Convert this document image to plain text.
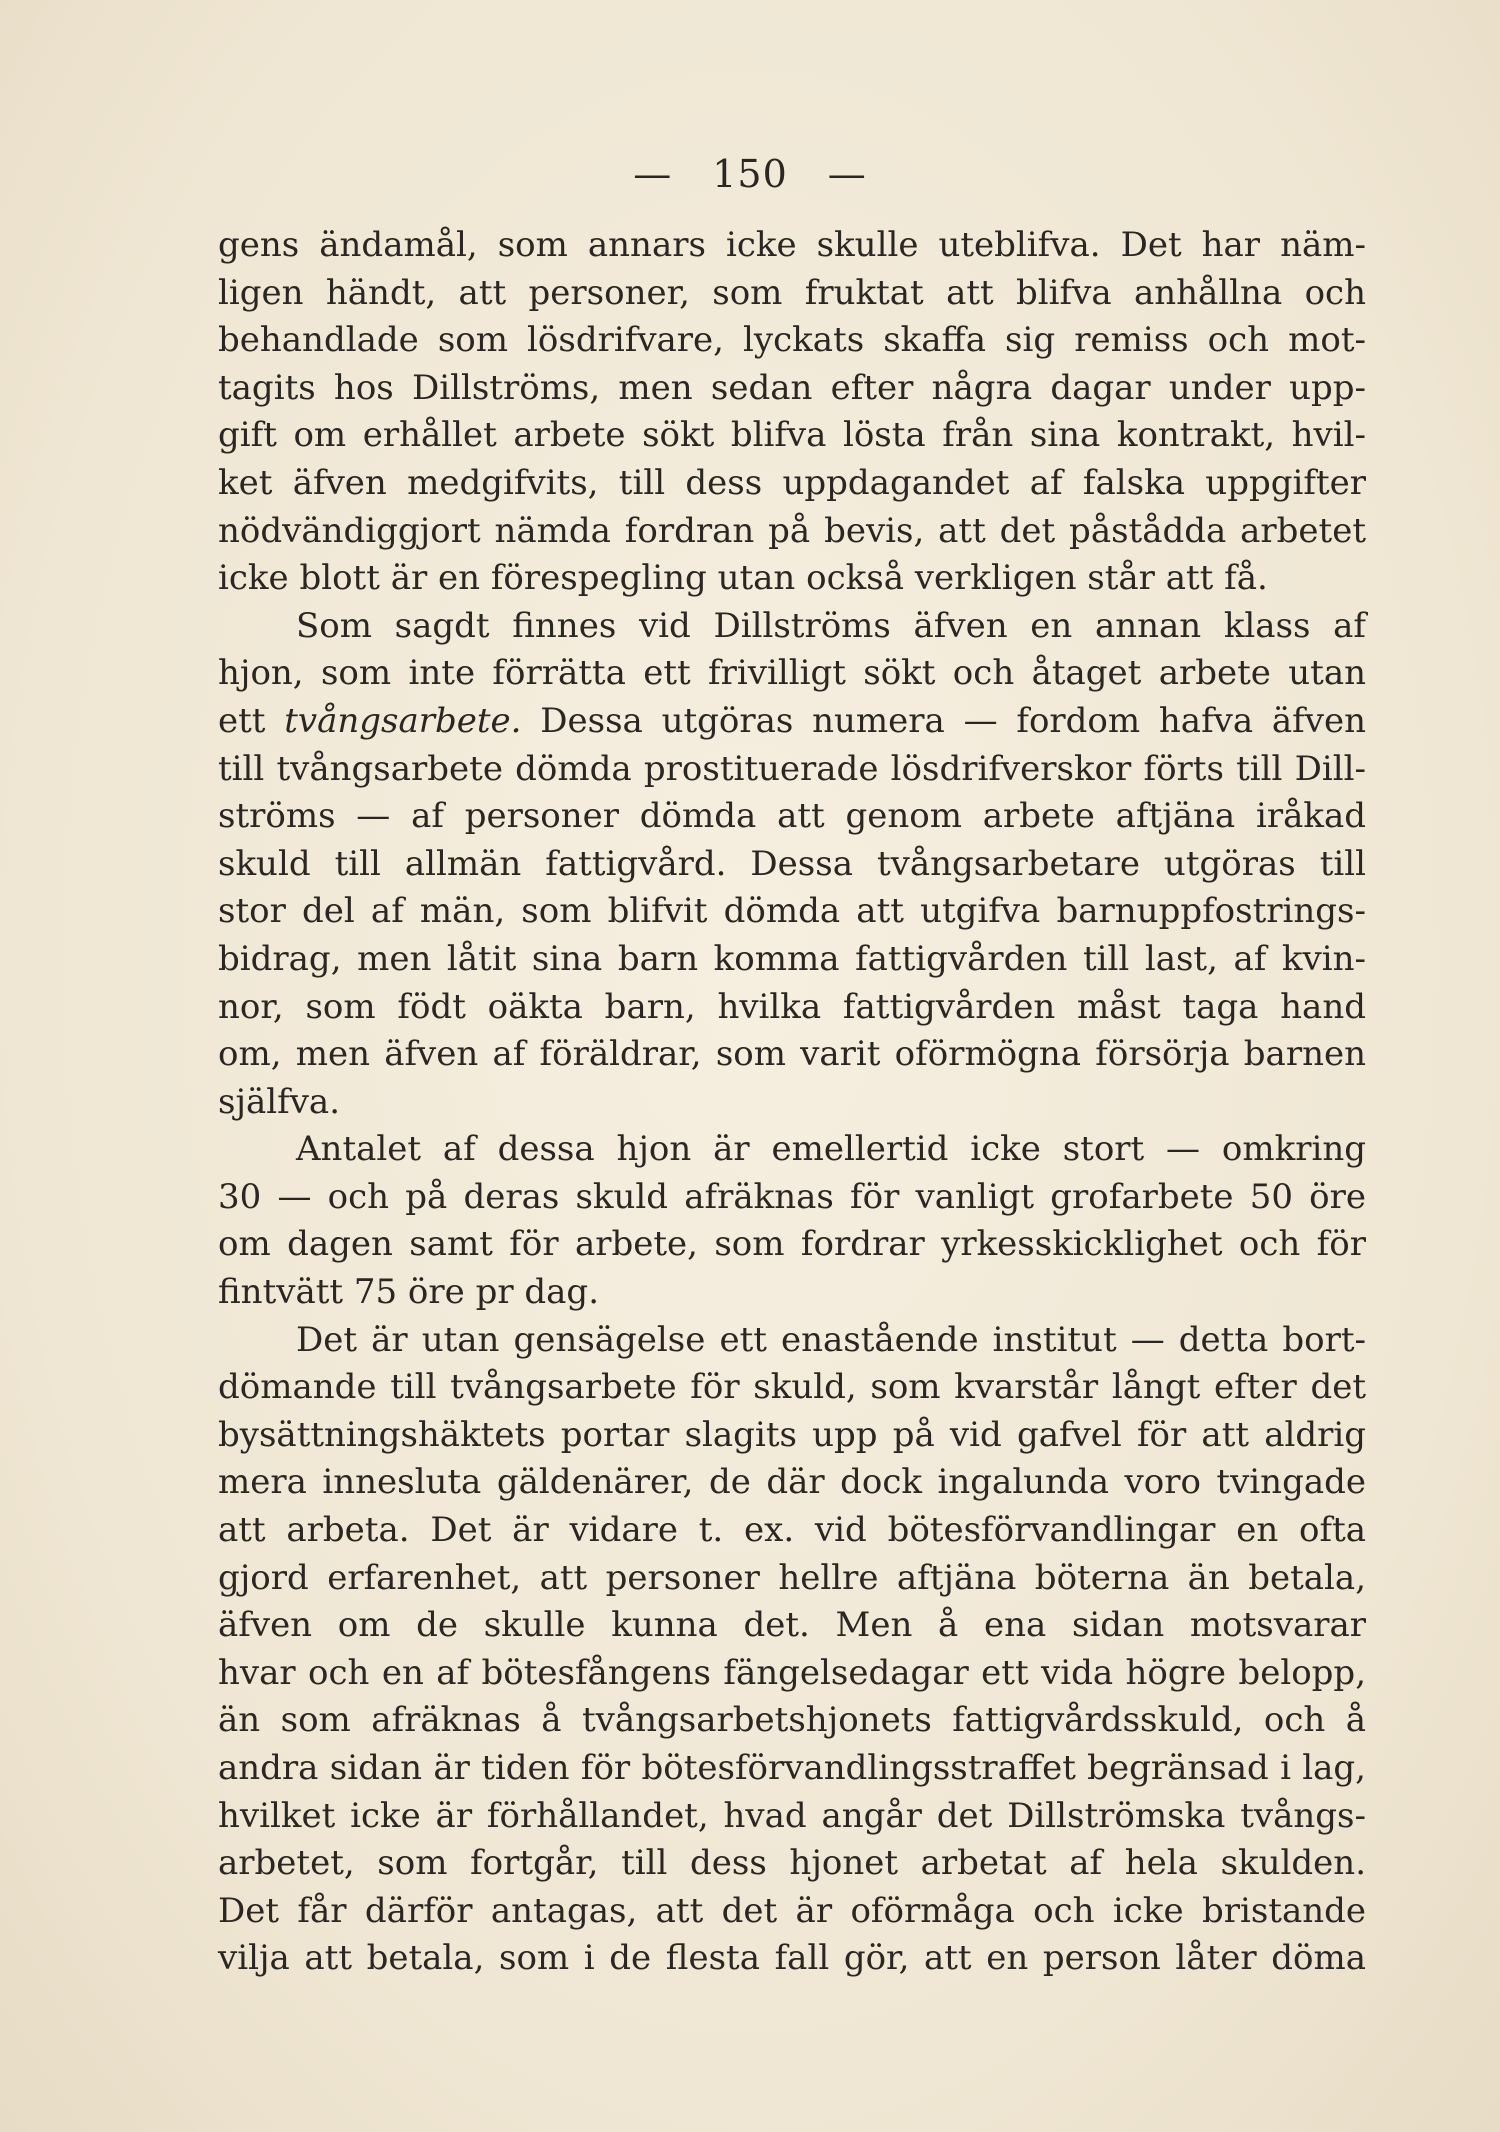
— 150 —
gens ändamål, som annars icke skulle uteblifva. Det har näm-
ligen händt, att personer, som fruktat att blifva anhållna och
behandlade som lösdrifvare, lyckats skaffa sig remiss och mot-
tagits hos Dillströms, men sedan efter några dagar under upp-
gift om erhållet arbete sökt blifva lösta från sina kontrakt, hvil-
ket äfven medgifvits, till dess uppdagandet af falska uppgifter
nödvändiggjort nämda fordran på bevis, att det påstådda arbetet
icke blott är en förespegling utan också verkligen står att få.
Som sagdt finnes vid Dillströms äfven en annan klass af
hjon, som inte förrätta ett frivilligt sökt och åtaget arbete utan
ett tvångsarbete. Dessa utgöras numera — fordom hafva äfven
till tvångsarbete dömda prostituerade lösdrifverskor förts till Dill-
ströms — af personer dömda att genom arbete aftjäna iråkad
skuld till allmän fattigvård. Dessa tvångsarbetare utgöras till
stor del af män, som blifvit dömda att utgifva barnuppfostrings-
bidrag, men låtit sina barn komma fattigvården till last, af kvin-
nor, som födt oäkta barn, hvilka fattigvården måst taga hand
om, men äfven af föräldrar, som varit oförmögna försörja barnen
själfva.
Antalet af dessa hjon är emellertid icke stort — omkring
30 — och på deras skuld afräknas för vanligt grofarbete 50 öre
om dagen samt för arbete, som fordrar yrkesskicklighet och för
fintvätt 75 öre pr dag.
Det är utan gensägelse ett enastående institut — detta bort-
dömande till tvångsarbete för skuld, som kvarstår långt efter det
bysättningshäktets portar slagits upp på vid gafvel för att aldrig
mera innesluta gäldenärer, de där dock ingalunda voro tvingade
att arbeta. Det är vidare t. ex. vid bötesförvandlingar en ofta
gjord erfarenhet, att personer hellre aftjäna böterna än betala,
äfven om de skulle kunna det. Men å ena sidan motsvarar
hvar och en af bötesfångens fängelsedagar ett vida högre belopp,
än som afräknas å tvångsarbetshjonets fattigvårdsskuld, och å
andra sidan är tiden för bötesförvandlingsstraffet begränsad i lag,
hvilket icke är förhållandet, hvad angår det Dillströmska tvångs-
arbetet, som fortgår, till dess hjonet arbetat af hela skulden.
Det får därför antagas, att det är oförmåga och icke bristande
vilja att betala, som i de flesta fall gör, att en person låter döma
